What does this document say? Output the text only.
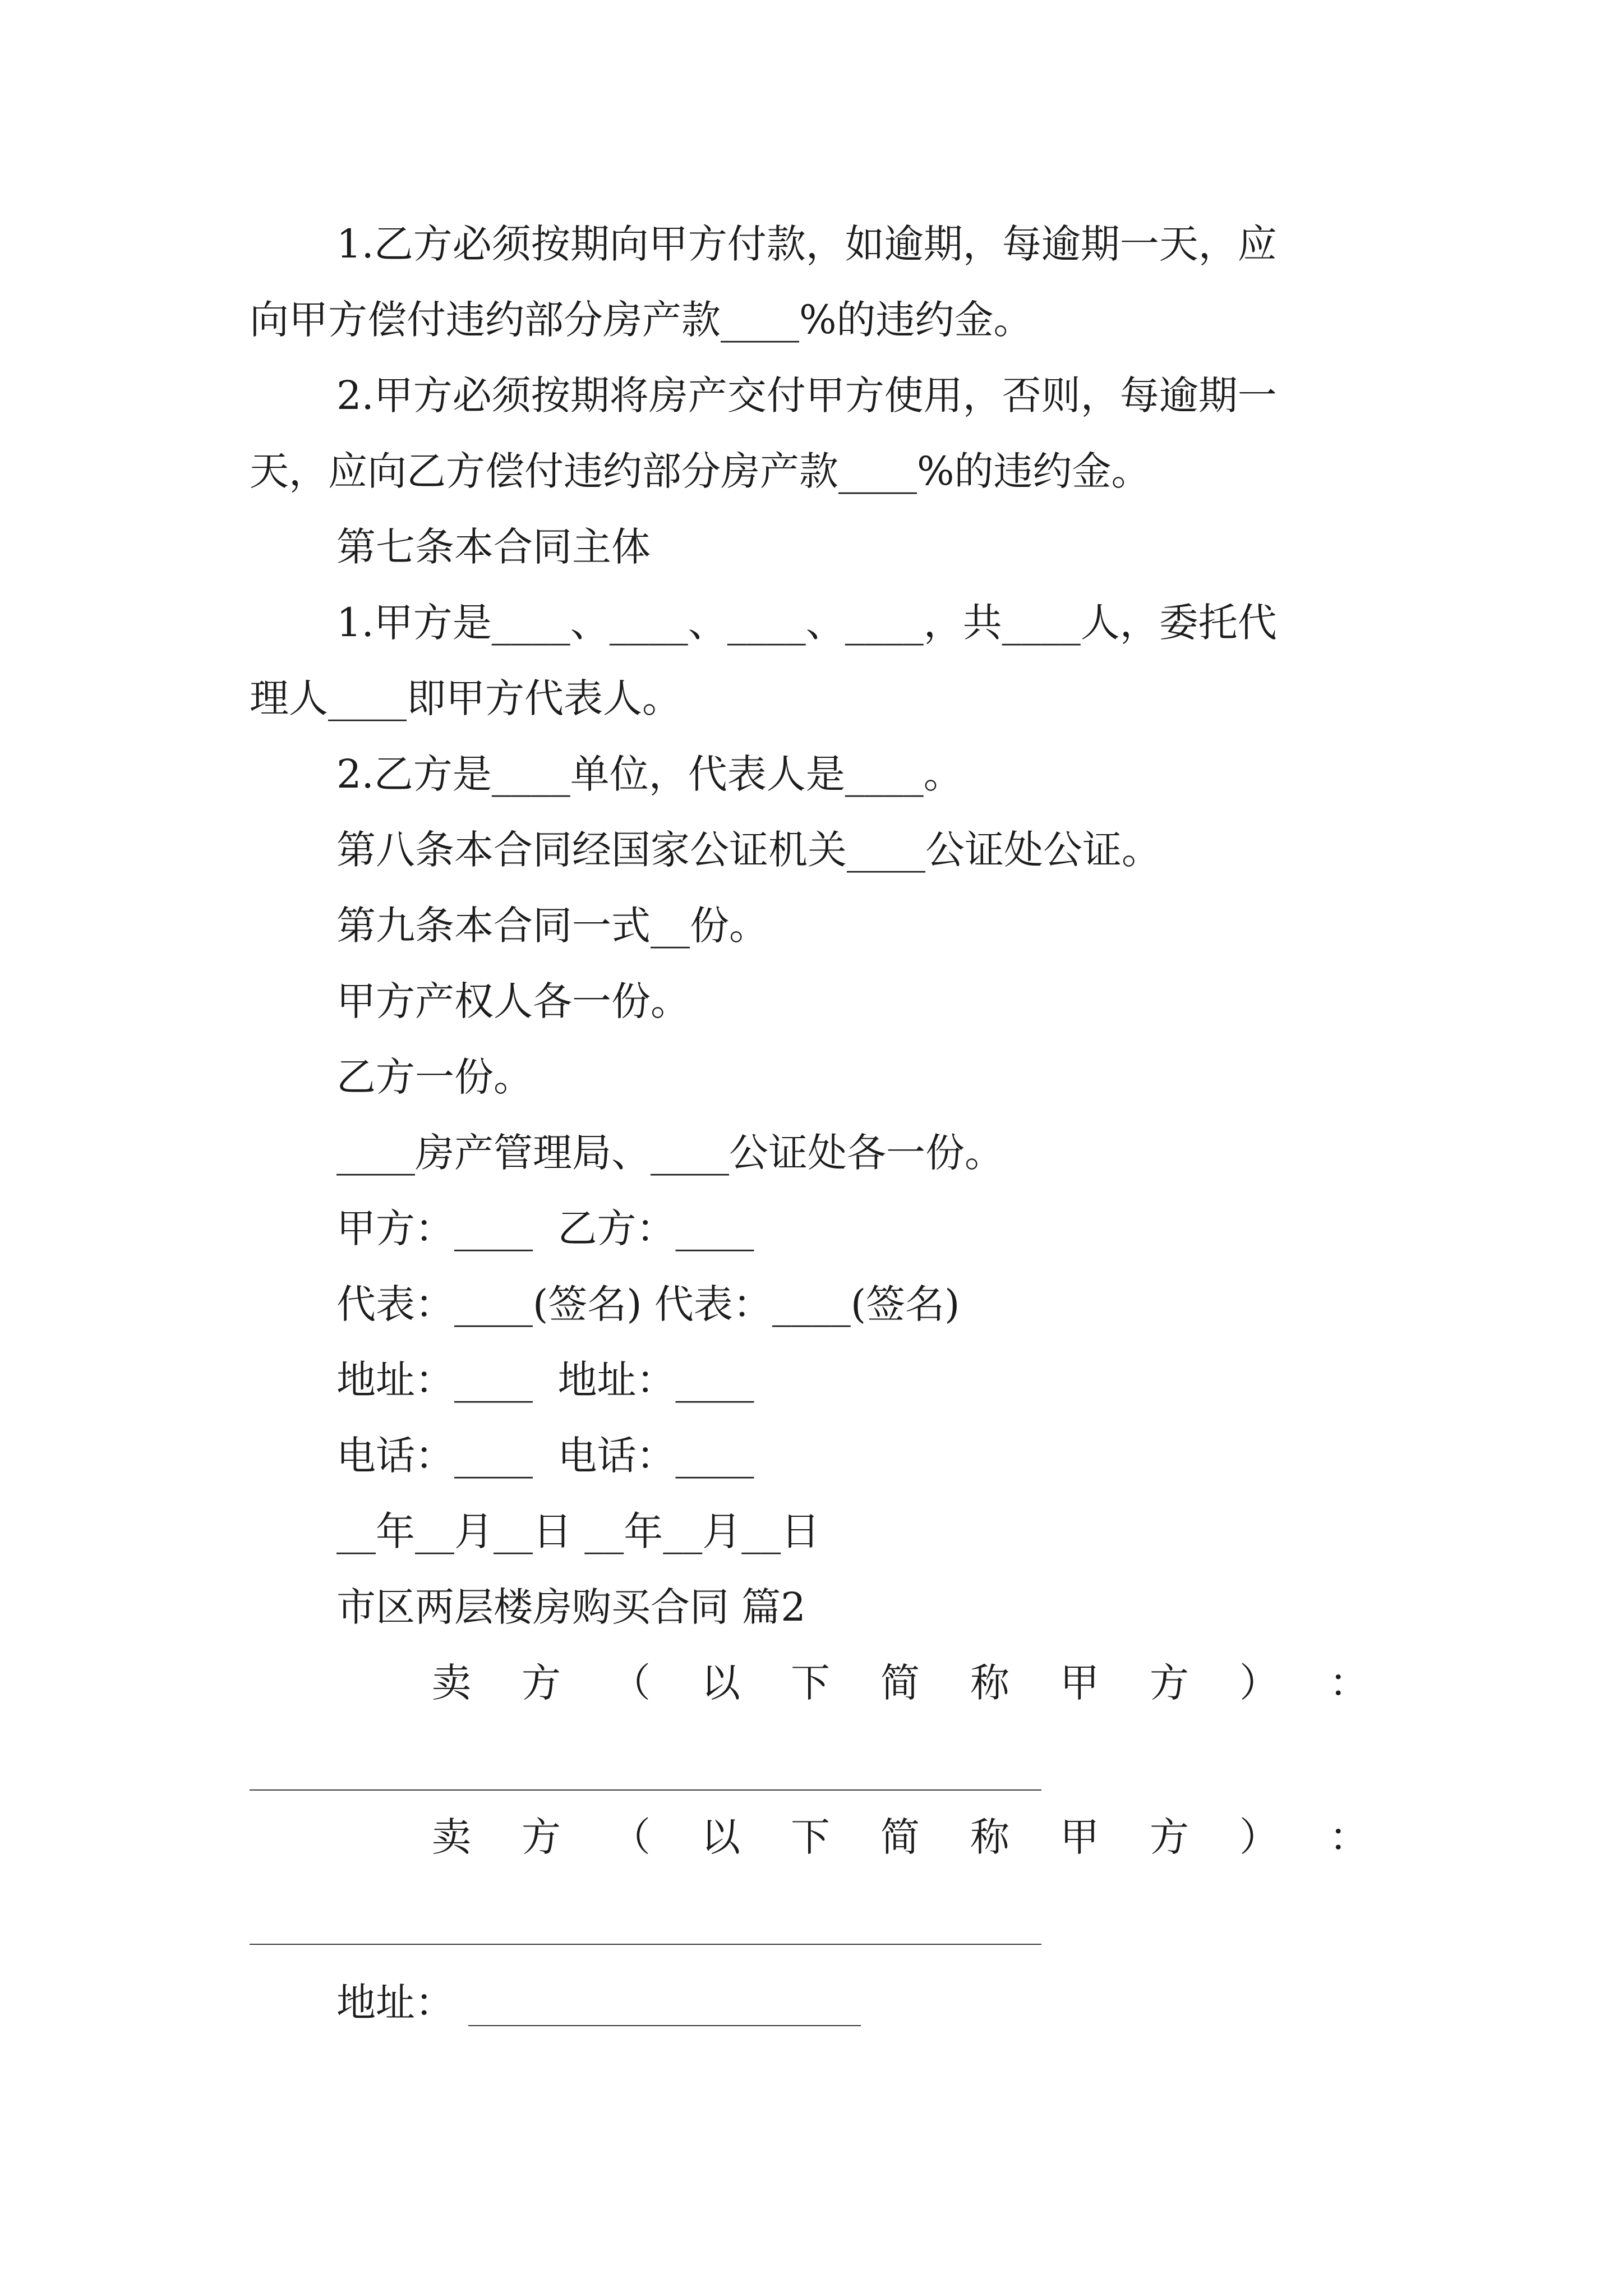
1.乙方必须按期向甲方付款，如逾期，每逾期一天，应

向甲方偿付违约部分房产款____%的违约金。

2.甲方必须按期将房产交付甲方使用，否则，每逾期一

天，应向乙方偿付违约部分房产款____%的违约金。

第七条本合同主体

1.甲方是____、____、____、____，共____人，委托代

理人____即甲方代表人。

2.乙方是____单位，代表人是____。

第八条本合同经国家公证机关____公证处公证。

第九条本合同一式__份。

甲方产权人各一份。

乙方一份。

____房产管理局、____公证处各一份。

甲方：____  乙方：____

代表：____(签名) 代表：____(签名)

地址：____  地址：____

电话：____  电话：____

__年__月__日 __年__月__日

市区两层楼房购买合同 篇2

卖 方 （ 以 下 简 称 甲 方 ） ：
卖 方 （ 以 下 简 称 甲 方 ） ：

地址：
